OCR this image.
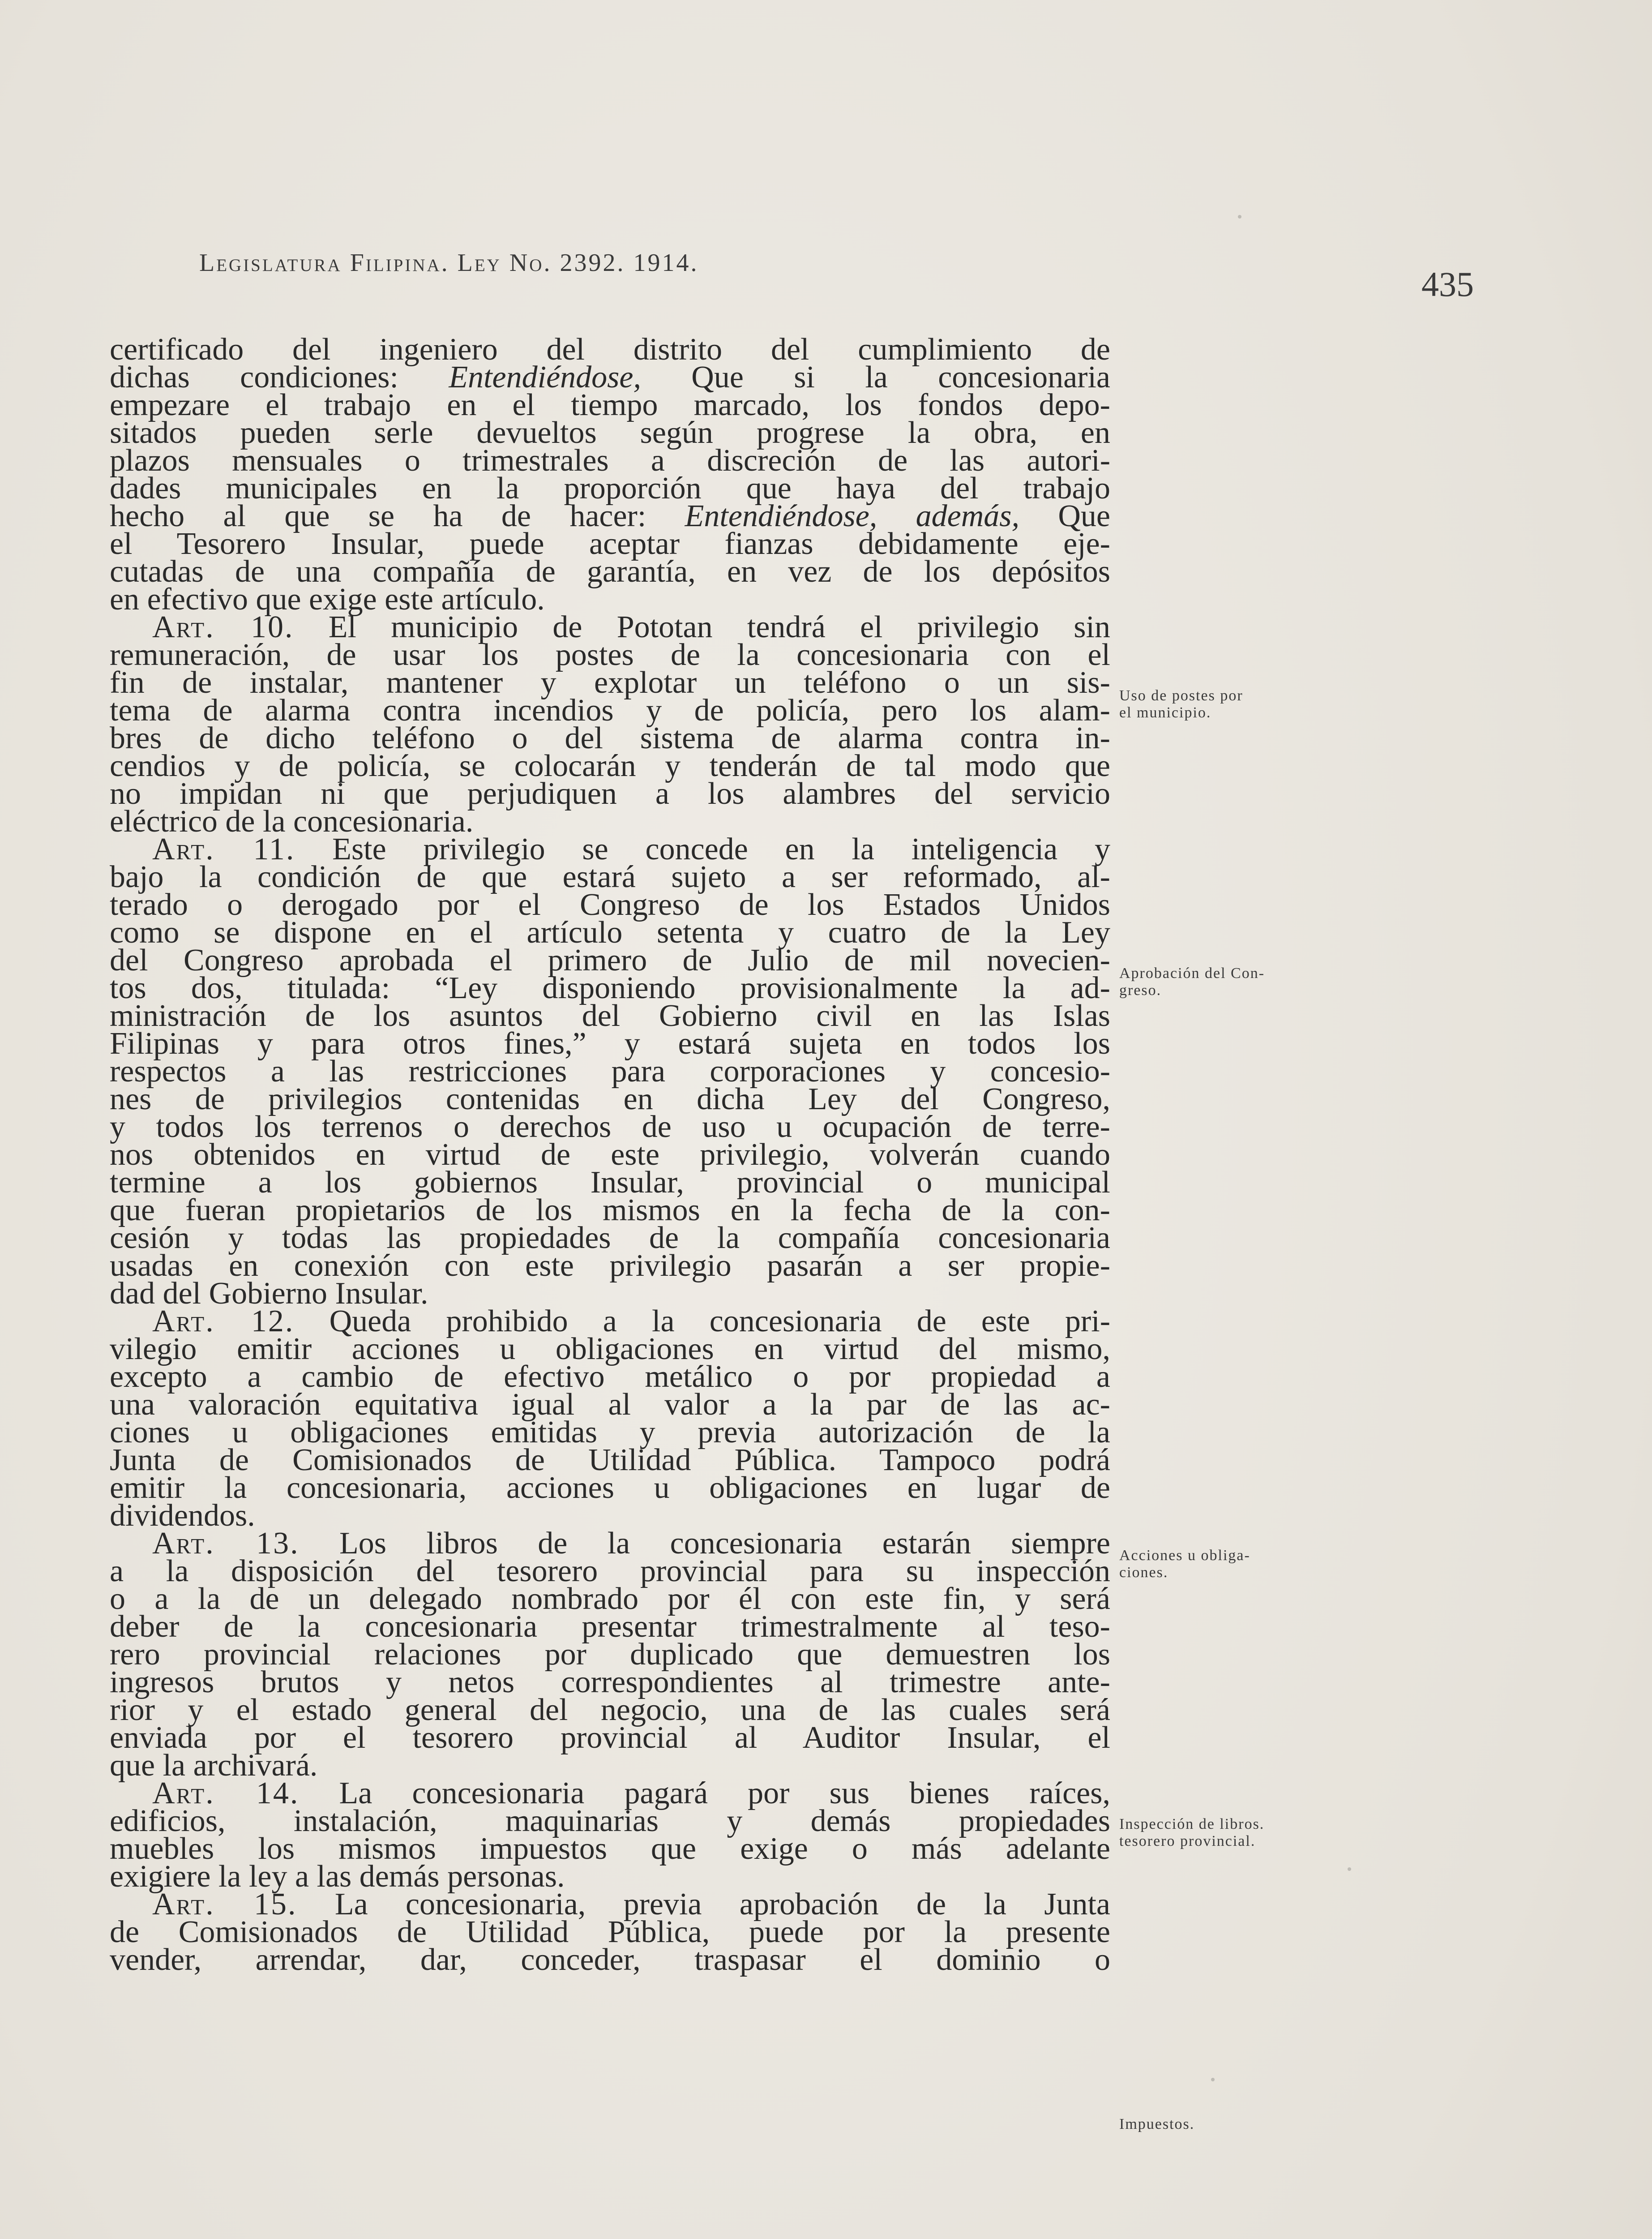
Legislatura Filipina. Ley No. 2392. 1914.
435
certificado del ingeniero del distrito del cumplimiento de
dichas condiciones: Entendiéndose, Que si la concesionaria
empezare el trabajo en el tiempo marcado, los fondos depo-
sitados pueden serle devueltos según progrese la obra, en
plazos mensuales o trimestrales a discreción de las autori-
dades municipales en la proporción que haya del trabajo
hecho al que se ha de hacer: Entendiéndose, además, Que
el Tesorero Insular, puede aceptar fianzas debidamente eje-
cutadas de una compañía de garantía, en vez de los depósitos
en efectivo que exige este artículo.
Art. 10. El municipio de Pototan tendrá el privilegio sin
remuneración, de usar los postes de la concesionaria con el
fin de instalar, mantener y explotar un teléfono o un sis-
tema de alarma contra incendios y de policía, pero los alam-
bres de dicho teléfono o del sistema de alarma contra in-
cendios y de policía, se colocarán y tenderán de tal modo que
no impidan ni que perjudiquen a los alambres del servicio
eléctrico de la concesionaria.
Art. 11. Este privilegio se concede en la inteligencia y
bajo la condición de que estará sujeto a ser reformado, al-
terado o derogado por el Congreso de los Estados Unidos
como se dispone en el artículo setenta y cuatro de la Ley
del Congreso aprobada el primero de Julio de mil novecien-
tos dos, titulada: “Ley disponiendo provisionalmente la ad-
ministración de los asuntos del Gobierno civil en las Islas
Filipinas y para otros fines,” y estará sujeta en todos los
respectos a las restricciones para corporaciones y concesio-
nes de privilegios contenidas en dicha Ley del Congreso,
y todos los terrenos o derechos de uso u ocupación de terre-
nos obtenidos en virtud de este privilegio, volverán cuando
termine a los gobiernos Insular, provincial o municipal
que fueran propietarios de los mismos en la fecha de la con-
cesión y todas las propiedades de la compañía concesionaria
usadas en conexión con este privilegio pasarán a ser propie-
dad del Gobierno Insular.
Art. 12. Queda prohibido a la concesionaria de este pri-
vilegio emitir acciones u obligaciones en virtud del mismo,
excepto a cambio de efectivo metálico o por propiedad a
una valoración equitativa igual al valor a la par de las ac-
ciones u obligaciones emitidas y previa autorización de la
Junta de Comisionados de Utilidad Pública. Tampoco podrá
emitir la concesionaria, acciones u obligaciones en lugar de
dividendos.
Art. 13. Los libros de la concesionaria estarán siempre
a la disposición del tesorero provincial para su inspección
o a la de un delegado nombrado por él con este fin, y será
deber de la concesionaria presentar trimestralmente al teso-
rero provincial relaciones por duplicado que demuestren los
ingresos brutos y netos correspondientes al trimestre ante-
rior y el estado general del negocio, una de las cuales será
enviada por el tesorero provincial al Auditor Insular, el
que la archivará.
Art. 14. La concesionaria pagará por sus bienes raíces,
edificios, instalación, maquinarias y demás propiedades
muebles los mismos impuestos que exige o más adelante
exigiere la ley a las demás personas.
Art. 15. La concesionaria, previa aprobación de la Junta
de Comisionados de Utilidad Pública, puede por la presente
vender, arrendar, dar, conceder, traspasar el dominio o
Uso de postes por
el municipio.
Aprobación del Con-
greso.
Acciones u obliga-
ciones.
Inspección de libros.
tesorero provincial.
Impuestos.
